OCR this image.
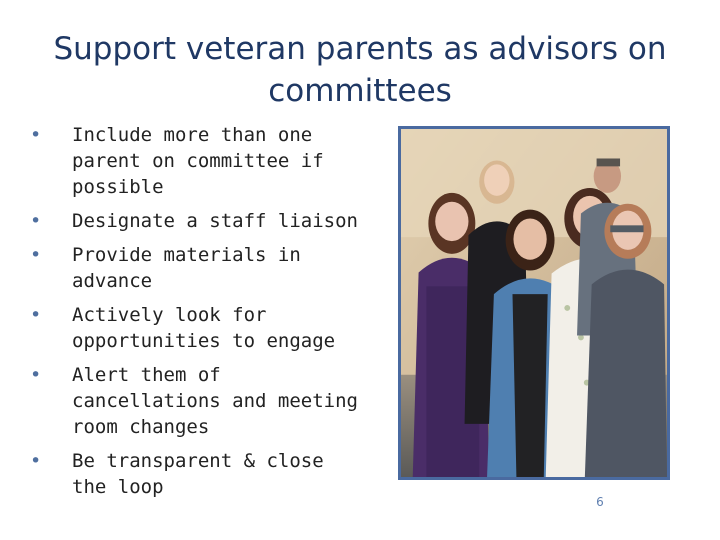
Support veteran parents as advisors on committees
• Include more than one parent on committee if possible
• Designate a staff liaison
• Provide materials in advance
• Actively look for opportunities to engage
• Alert them of cancellations and meeting room changes
• Be transparent & close the loop
6
